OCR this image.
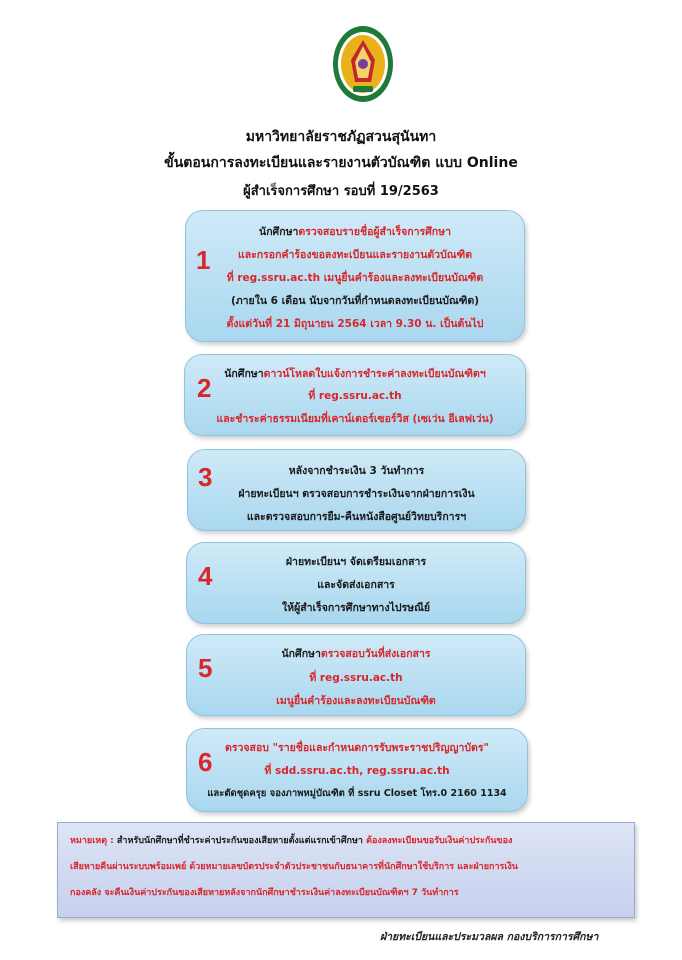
มหาวิทยาลัยราชภัฏสวนสุนันทา
ขั้นตอนการลงทะเบียนและรายงานตัวบัณฑิต แบบ Online
ผู้สำเร็จการศึกษา รอบที่ 19/2563
1
นักศึกษาตรวจสอบรายชื่อผู้สำเร็จการศึกษา
และกรอกคำร้องขอลงทะเบียนและรายงานตัวบัณฑิต
ที่ reg.ssru.ac.th เมนูยื่นคำร้องและลงทะเบียนบัณฑิต
(ภายใน 6 เดือน นับจากวันที่กำหนดลงทะเบียนบัณฑิต)
ตั้งแต่วันที่ 21 มิถุนายน 2564 เวลา 9.30 น. เป็นต้นไป
2	นักศึกษาดาวน์โหลดใบแจ้งการชำระค่าลงทะเบียนบัณฑิตฯ
ที่ reg.ssru.ac.th
และชำระค่าธรรมเนียมที่เคาน์เตอร์เซอร์วิส (เซเว่น อีเลฟเว่น)
3	หลังจากชำระเงิน 3 วันทำการ
ฝ่ายทะเบียนฯ ตรวจสอบการชำระเงินจากฝ่ายการเงิน
และตรวจสอบการยืม-คืนหนังสือศูนย์วิทยบริการฯ
4	ฝ่ายทะเบียนฯ จัดเตรียมเอกสาร
และจัดส่งเอกสาร
ให้ผู้สำเร็จการศึกษาทางไปรษณีย์
5	นักศึกษาตรวจสอบวันที่ส่งเอกสาร
ที่ reg.ssru.ac.th
เมนูยื่นคำร้องและลงทะเบียนบัณฑิต
6	ตรวจสอบ "รายชื่อและกำหนดการรับพระราชปริญญาบัตร"
ที่ sdd.ssru.ac.th, reg.ssru.ac.th
และตัดชุดครุย จองภาพหมู่บัณฑิต ที่ ssru Closet โทร.0 2160 1134
หมายเหตุ : สำหรับนักศึกษาที่ชำระค่าประกันของเสียหายตั้งแต่แรกเข้าศึกษา ต้องลงทะเบียนขอรับเงินค่าประกันของ
เสียหายคืนผ่านระบบพร้อมเพย์ ด้วยหมายเลขบัตรประจำตัวประชาชนกับธนาคารที่นักศึกษาใช้บริการ และฝ่ายการเงิน
กองคลัง จะคืนเงินค่าประกันของเสียหายหลังจากนักศึกษาชำระเงินค่าลงทะเบียนบัณฑิตฯ 7 วันทำการ
ฝ่ายทะเบียนและประมวลผล กองบริการการศึกษา
